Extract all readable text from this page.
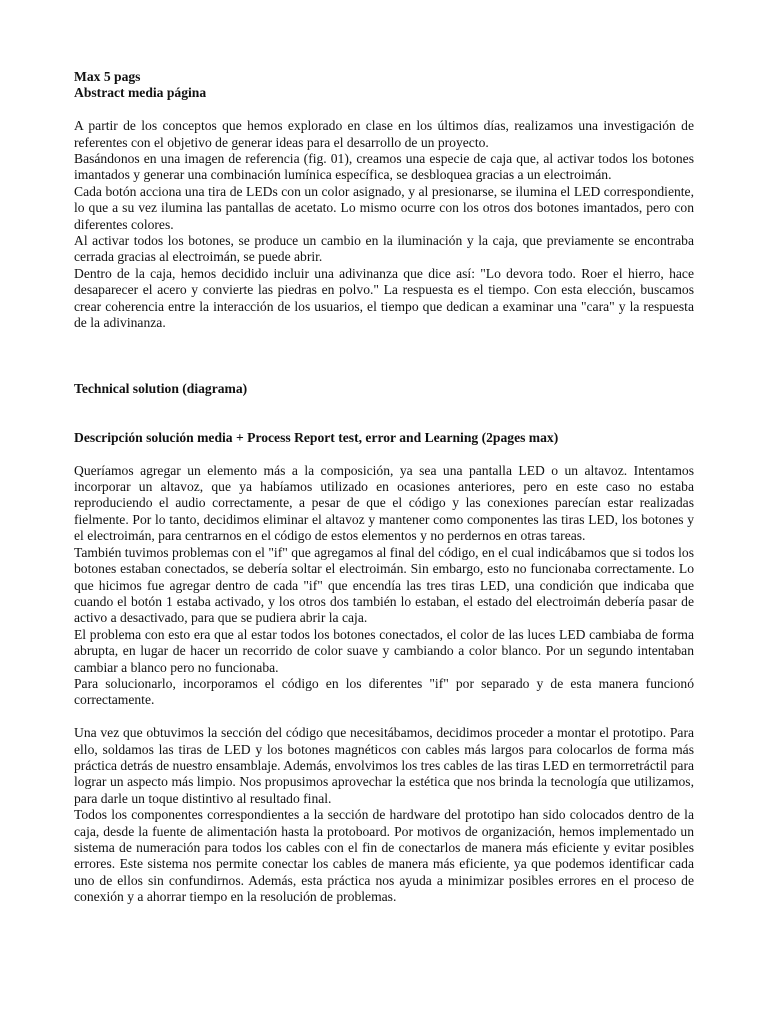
Max 5 pags

Abstract media página

A partir de los conceptos que hemos explorado en clase en los últimos días, realizamos una investigación de referentes con el objetivo de generar ideas para el desarrollo de un proyecto.

Basándonos en una imagen de referencia (fig. 01), creamos una especie de caja que, al activar todos los botones imantados y generar una combinación lumínica específica, se desbloquea gracias a un electroimán.

Cada botón acciona una tira de LEDs con un color asignado, y al presionarse, se ilumina el LED correspondiente, lo que a su vez ilumina las pantallas de acetato. Lo mismo ocurre con los otros dos botones imantados, pero con diferentes colores.

Al activar todos los botones, se produce un cambio en la iluminación y la caja, que previamente se encontraba cerrada gracias al electroimán, se puede abrir.

Dentro de la caja, hemos decidido incluir una adivinanza que dice así: "Lo devora todo. Roer el hierro, hace desaparecer el acero y convierte las piedras en polvo." La respuesta es el tiempo. Con esta elección, buscamos crear coherencia entre la interacción de los usuarios, el tiempo que dedican a examinar una "cara" y la respuesta de la adivinanza.

Technical solution (diagrama)

Descripción solución media + Process Report test, error and Learning (2pages max)

Queríamos agregar un elemento más a la composición, ya sea una pantalla LED o un altavoz. Intentamos incorporar un altavoz, que ya habíamos utilizado en ocasiones anteriores, pero en este caso no estaba reproduciendo el audio correctamente, a pesar de que el código y las conexiones parecían estar realizadas fielmente. Por lo tanto, decidimos eliminar el altavoz y mantener como componentes las tiras LED, los botones y el electroimán, para centrarnos en el código de estos elementos y no perdernos en otras tareas.

También tuvimos problemas con el "if" que agregamos al final del código, en el cual indicábamos que si todos los botones estaban conectados, se debería soltar el electroimán. Sin embargo, esto no funcionaba correctamente. Lo que hicimos fue agregar dentro de cada "if" que encendía las tres tiras LED, una condición que indicaba que cuando el botón 1 estaba activado, y los otros dos también lo estaban, el estado del electroimán debería pasar de activo a desactivado, para que se pudiera abrir la caja.

El problema con esto era que al estar todos los botones conectados, el color de las luces LED cambiaba de forma abrupta, en lugar de hacer un recorrido de color suave y cambiando a color blanco. Por un segundo intentaban cambiar a blanco pero no funcionaba.

Para solucionarlo, incorporamos el código en los diferentes "if" por separado y de esta manera funcionó correctamente.

Una vez que obtuvimos la sección del código que necesitábamos, decidimos proceder a montar el prototipo. Para ello, soldamos las tiras de LED y los botones magnéticos con cables más largos para colocarlos de forma más práctica detrás de nuestro ensamblaje. Además, envolvimos los tres cables de las tiras LED en termorretráctil para lograr un aspecto más limpio. Nos propusimos aprovechar la estética que nos brinda la tecnología que utilizamos, para darle un toque distintivo al resultado final.

Todos los componentes correspondientes a la sección de hardware del prototipo han sido colocados dentro de la caja, desde la fuente de alimentación hasta la protoboard. Por motivos de organización, hemos implementado un sistema de numeración para todos los cables con el fin de conectarlos de manera más eficiente y evitar posibles errores. Este sistema nos permite conectar los cables de manera más eficiente, ya que podemos identificar cada uno de ellos sin confundirnos. Además, esta práctica nos ayuda a minimizar posibles errores en el proceso de conexión y a ahorrar tiempo en la resolución de problemas.
